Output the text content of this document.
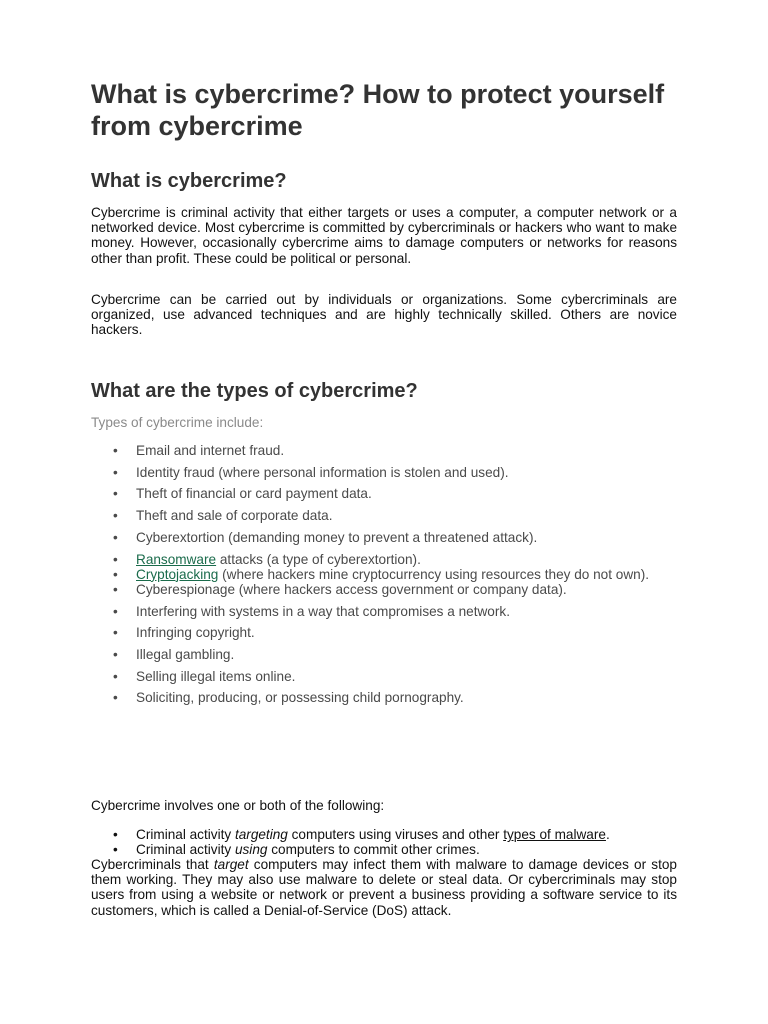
What is cybercrime? How to protect yourself from cybercrime
What is cybercrime?

Cybercrime is criminal activity that either targets or uses a computer, a computer network or a networked device. Most cybercrime is committed by cybercriminals or hackers who want to make money. However, occasionally cybercrime aims to damage computers or networks for reasons other than profit. These could be political or personal.

Cybercrime can be carried out by individuals or organizations. Some cybercriminals are organized, use advanced techniques and are highly technically skilled. Others are novice hackers.

What are the types of cybercrime?

Types of cybercrime include:

• Email and internet fraud.
• Identity fraud (where personal information is stolen and used).
• Theft of financial or card payment data.
• Theft and sale of corporate data.
• Cyberextortion (demanding money to prevent a threatened attack).
• Ransomware attacks (a type of cyberextortion).
• Cryptojacking (where hackers mine cryptocurrency using resources they do not own).
• Cyberespionage (where hackers access government or company data).
• Interfering with systems in a way that compromises a network.
• Infringing copyright.
• Illegal gambling.
• Selling illegal items online.
• Soliciting, producing, or possessing child pornography.

Cybercrime involves one or both of the following:

• Criminal activity targeting computers using viruses and other types of malware.
• Criminal activity using computers to commit other crimes.

Cybercriminals that target computers may infect them with malware to damage devices or stop them working. They may also use malware to delete or steal data. Or cybercriminals may stop users from using a website or network or prevent a business providing a software service to its customers, which is called a Denial-of-Service (DoS) attack.
